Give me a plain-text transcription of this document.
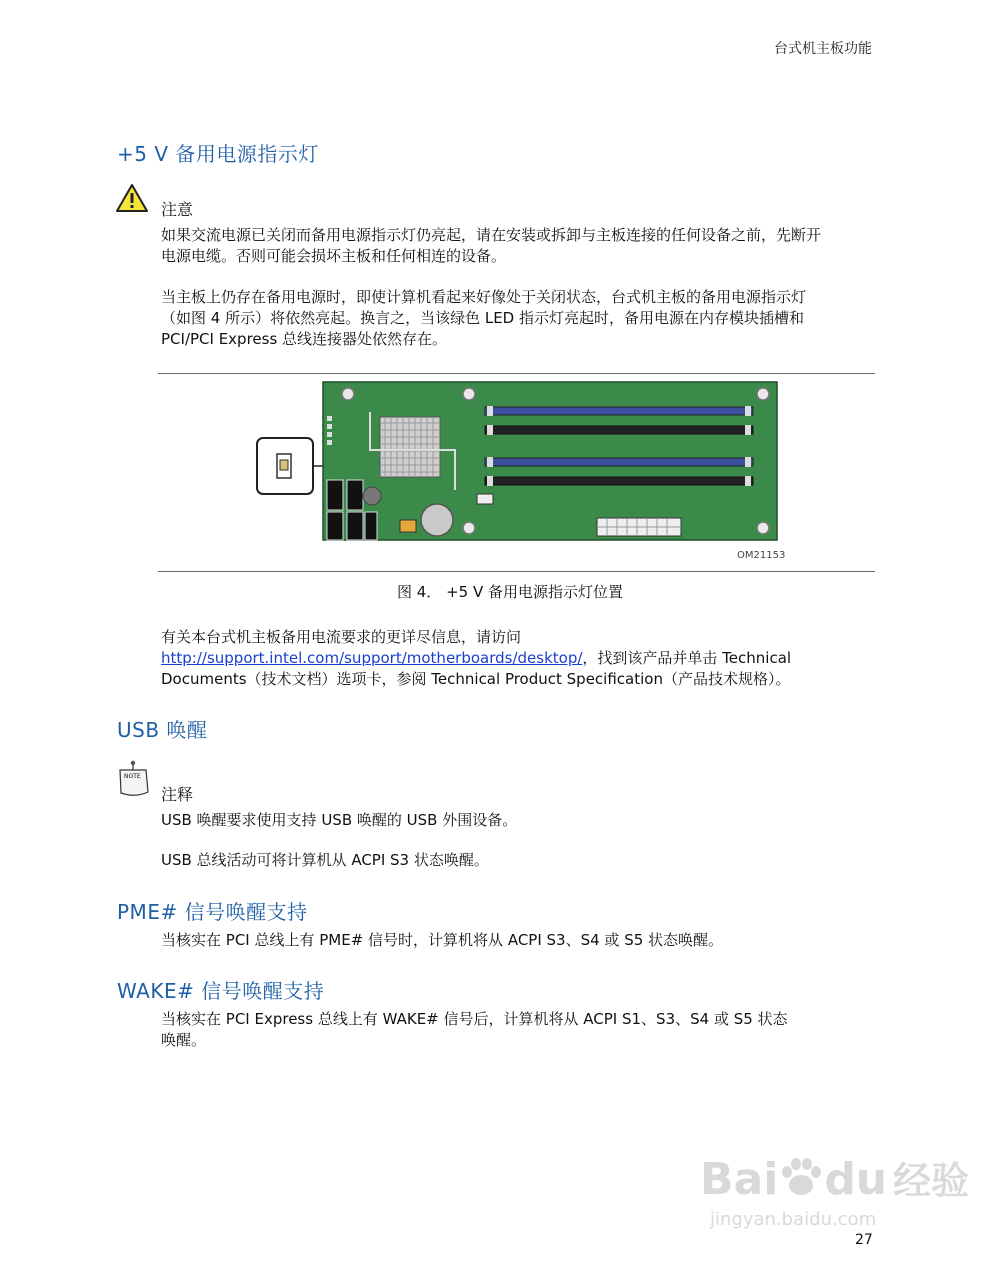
台式机主板功能
+5 V 备用电源指示灯
注意
如果交流电源已关闭而备用电源指示灯仍亮起，请在安装或拆卸与主板连接的任何设备之前，先断开
电源电缆。否则可能会损坏主板和任何相连的设备。
当主板上仍存在备用电源时，即使计算机看起来好像处于关闭状态，台式机主板的备用电源指示灯
（如图 4 所示）将依然亮起。换言之，当该绿色 LED 指示灯亮起时，备用电源在内存模块插槽和
PCI/PCI Express 总线连接器处依然存在。
OM21153
图 4． +5 V 备用电源指示灯位置
有关本台式机主板备用电流要求的更详尽信息，请访问
http://support.intel.com/support/motherboards/desktop/，找到该产品并单击 Technical
Documents（技术文档）选项卡，参阅 Technical Product Specification（产品技术规格）。
USB 唤醒
NOTE
注释
USB 唤醒要求使用支持 USB 唤醒的 USB 外围设备。
USB 总线活动可将计算机从 ACPI S3 状态唤醒。
PME# 信号唤醒支持
当核实在 PCI 总线上有 PME# 信号时，计算机将从 ACPI S3、S4 或 S5 状态唤醒。
WAKE# 信号唤醒支持
当核实在 PCI Express 总线上有 WAKE# 信号后，计算机将从 ACPI S1、S3、S4 或 S5 状态
唤醒。
Bai du 经验
jingyan.baidu.com
27
